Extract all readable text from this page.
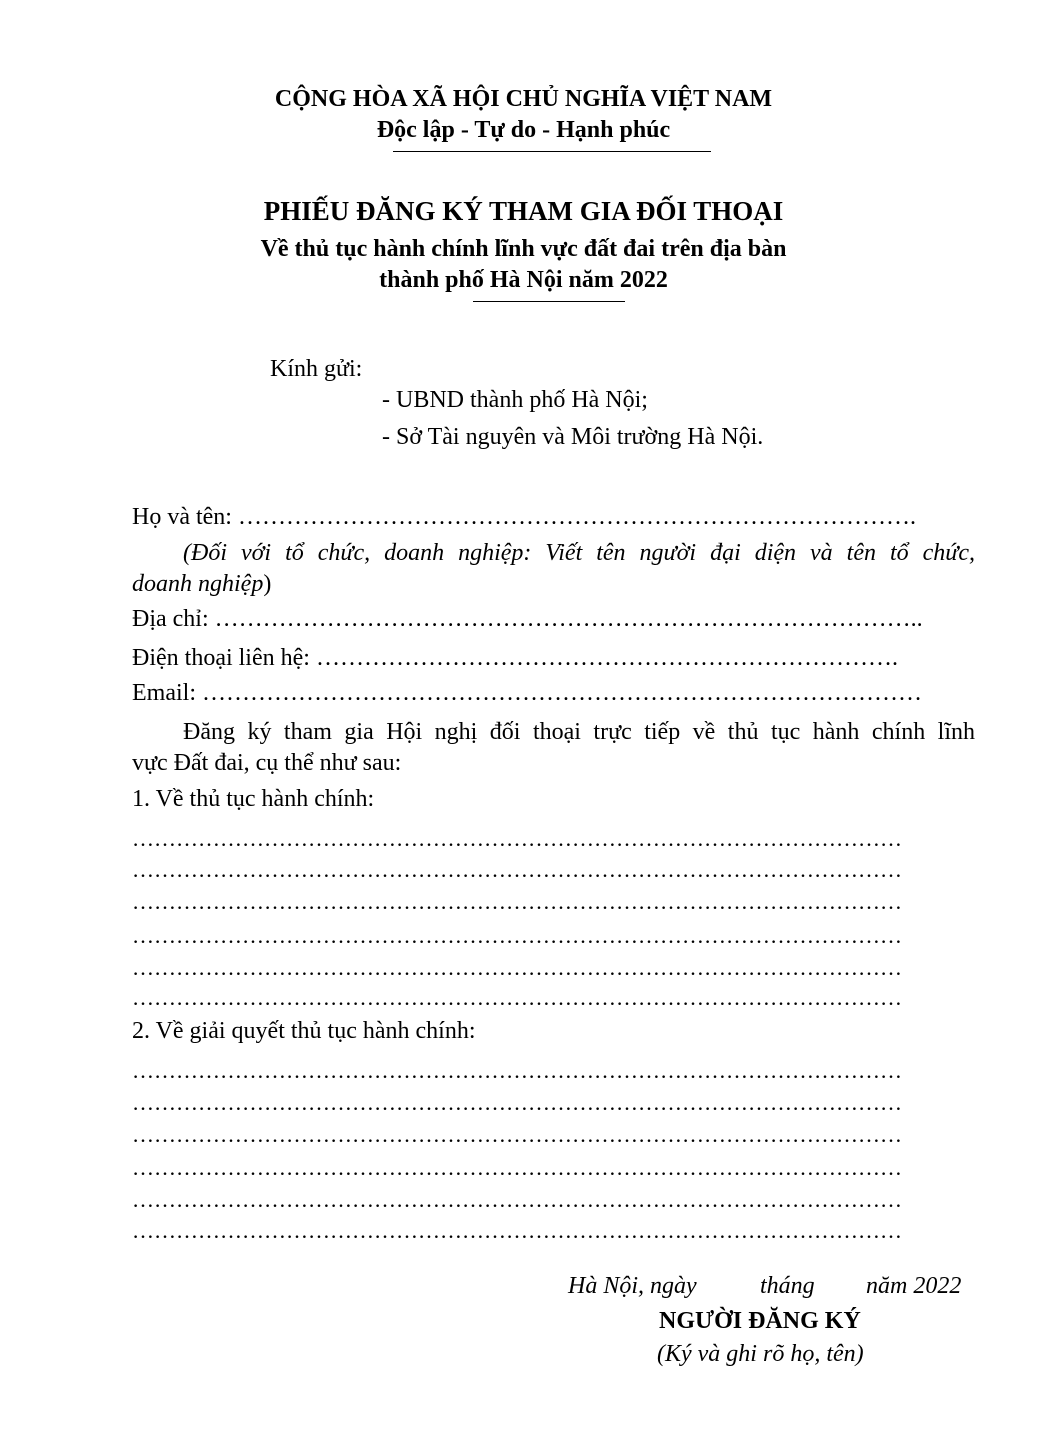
CỘNG HÒA XÃ HỘI CHỦ NGHĨA VIỆT NAM
Độc lập - Tự do - Hạnh phúc
PHIẾU ĐĂNG KÝ THAM GIA ĐỐI THOẠI
Về thủ tục hành chính lĩnh vực đất đai trên địa bàn
thành phố Hà Nội năm 2022
Kính gửi:
- UBND thành phố Hà Nội;
- Sở Tài nguyên và Môi trường Hà Nội.
Họ và tên: ………………………………………………………………………….
(Đối với tổ chức, doanh nghiệp: Viết tên người đại diện và tên tổ chức,
doanh nghiệp)
Địa chỉ: ……………………………………………………………………………..
Điện thoại liên hệ: ……………………………………………………………….
Email: ………………………………………………………………………………
Đăng ký tham gia Hội nghị đối thoại trực tiếp về thủ tục hành chính lĩnh
vực Đất đai, cụ thể như sau:
1. Về thủ tục hành chính:
……………………………………………………………………………………………
……………………………………………………………………………………………
……………………………………………………………………………………………
……………………………………………………………………………………………
……………………………………………………………………………………………
……………………………………………………………………………………………
2. Về giải quyết thủ tục hành chính:
……………………………………………………………………………………………
……………………………………………………………………………………………
……………………………………………………………………………………………
……………………………………………………………………………………………
……………………………………………………………………………………………
……………………………………………………………………………………………
Hà Nội, ngày	tháng năm 2022
NGƯỜI ĐĂNG KÝ
(Ký và ghi rõ họ, tên)
